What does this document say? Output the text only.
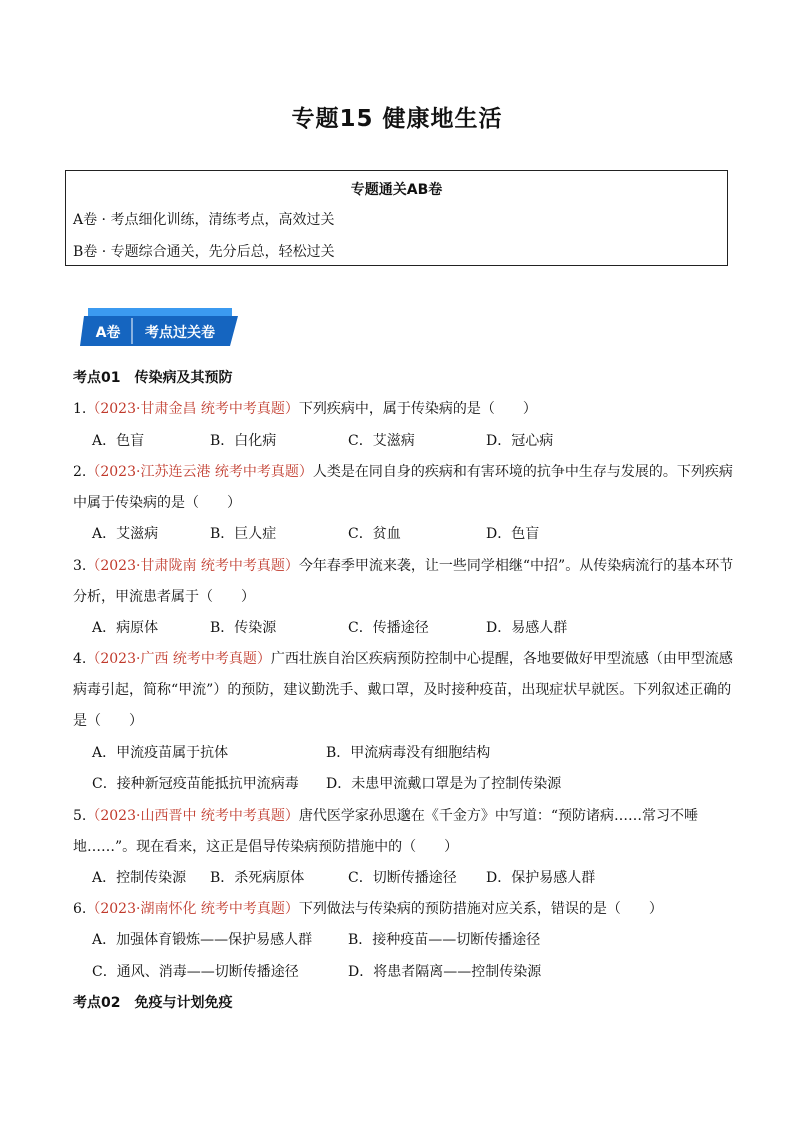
专题15 健康地生活
专题通关AB卷
A卷 · 考点细化训练，清练考点，高效过关
B卷 · 专题综合通关，先分后总，轻松过关
A卷 考点过关卷
考点01　传染病及其预防
1.（2023·甘肃金昌 统考中考真题）下列疾病中，属于传染病的是（　　）
A．色盲	B．白化病	C．艾滋病	D．冠心病
2.（2023·江苏连云港 统考中考真题）人类是在同自身的疾病和有害环境的抗争中生存与发展的。下列疾病
中属于传染病的是（　　）
A．艾滋病	B．巨人症	C．贫血	D．色盲
3.（2023·甘肃陇南 统考中考真题）今年春季甲流来袭，让一些同学相继“中招”。从传染病流行的基本环节
分析，甲流患者属于（　　）
A．病原体	B．传染源	C．传播途径	D．易感人群
4.（2023·广西 统考中考真题）广西壮族自治区疾病预防控制中心提醒，各地要做好甲型流感（由甲型流感
病毒引起，简称“甲流”）的预防，建议勤洗手、戴口罩，及时接种疫苗，出现症状早就医。下列叙述正确的
是（　　）
A．甲流疫苗属于抗体	B．甲流病毒没有细胞结构
C．接种新冠疫苗能抵抗甲流病毒 D．未患甲流戴口罩是为了控制传染源
5.（2023·山西晋中 统考中考真题）唐代医学家孙思邈在《千金方》中写道：“预防诸病……常习不唾
地……”。现在看来，这正是倡导传染病预防措施中的（　　）
A．控制传染源 B．杀死病原体	C．切断传播途径 D．保护易感人群
6.（2023·湖南怀化 统考中考真题）下列做法与传染病的预防措施对应关系，错误的是（　　）
A．加强体育锻炼——保护易感人群	B．接种疫苗——切断传播途径
C．通风、消毒——切断传播途径	D．将患者隔离——控制传染源
考点02　免疫与计划免疫
